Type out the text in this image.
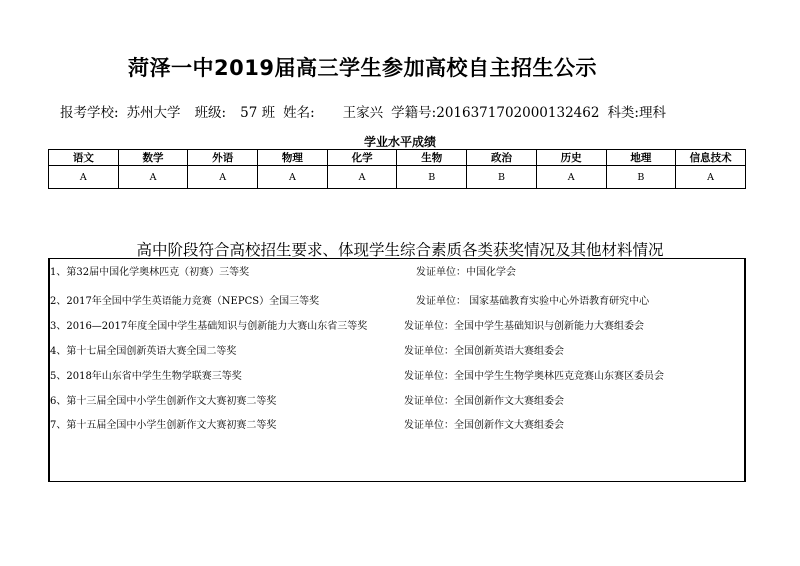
菏泽一中2019届高三学生参加高校自主招生公示
报考学校: 苏州大学 班级: 57 班 姓名: 王家兴 学籍号:2016371702000132462 科类:理科
学业水平成绩
语文	数学	外语	物理	化学	生物	政治	历史	地理	信息技术
A	A	A	A	A	B	B	A	B	A
高中阶段符合高校招生要求、体现学生综合素质各类获奖情况及其他材料情况
1、第32届中国化学奥林匹克（初赛）三等奖	发证单位：中国化学会
2、2017年全国中学生英语能力竞赛（NEPCS）全国三等奖	发证单位： 国家基础教育实验中心外语教育研究中心
3、2016—2017年度全国中学生基础知识与创新能力大赛山东省三等奖	发证单位：全国中学生基础知识与创新能力大赛组委会
4、第十七届全国创新英语大赛全国二等奖	发证单位：全国创新英语大赛组委会
5、2018年山东省中学生生物学联赛三等奖	发证单位：全国中学生生物学奥林匹克竞赛山东赛区委员会
6、第十三届全国中小学生创新作文大赛初赛二等奖	发证单位：全国创新作文大赛组委会
7、第十五届全国中小学生创新作文大赛初赛二等奖	发证单位：全国创新作文大赛组委会
